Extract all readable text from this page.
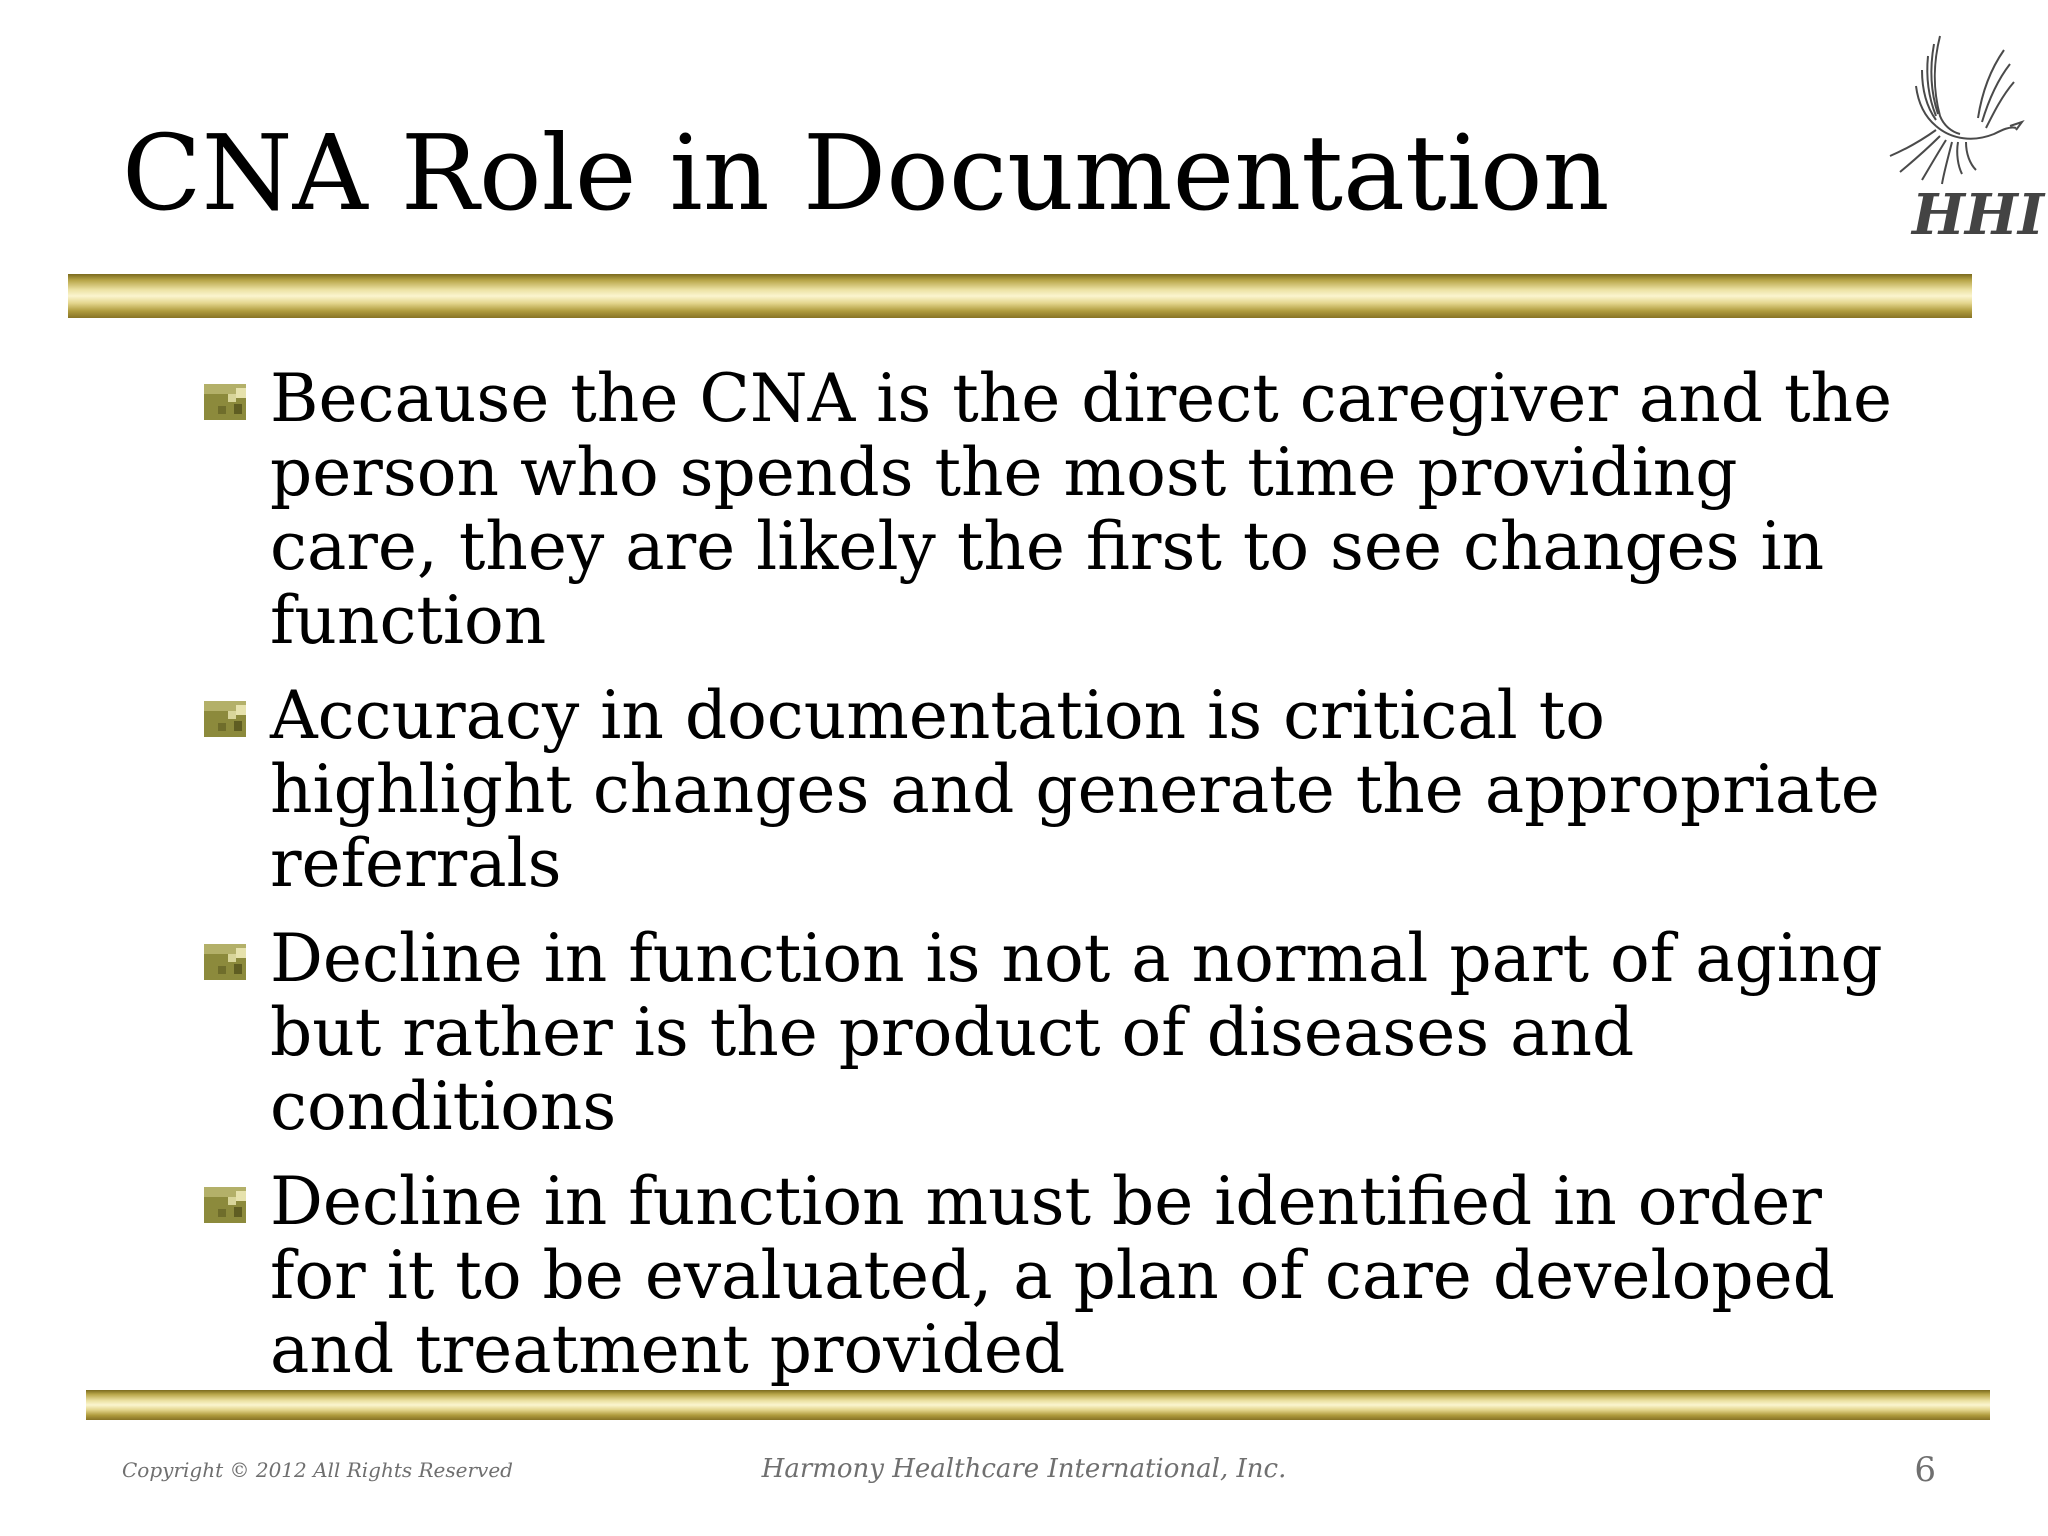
CNA Role in Documentation	HHI
Because the CNA is the direct caregiver and the person who spends the most time providing care, they are likely the first to see changes in function
Accuracy in documentation is critical to highlight changes and generate the appropriate referrals
Decline in function is not a normal part of aging but rather is the product of diseases and conditions
Decline in function must be identified in order for it to be evaluated, a plan of care developed and treatment provided
Copyright © 2012 All Rights Reserved	Harmony Healthcare International, Inc.	6
